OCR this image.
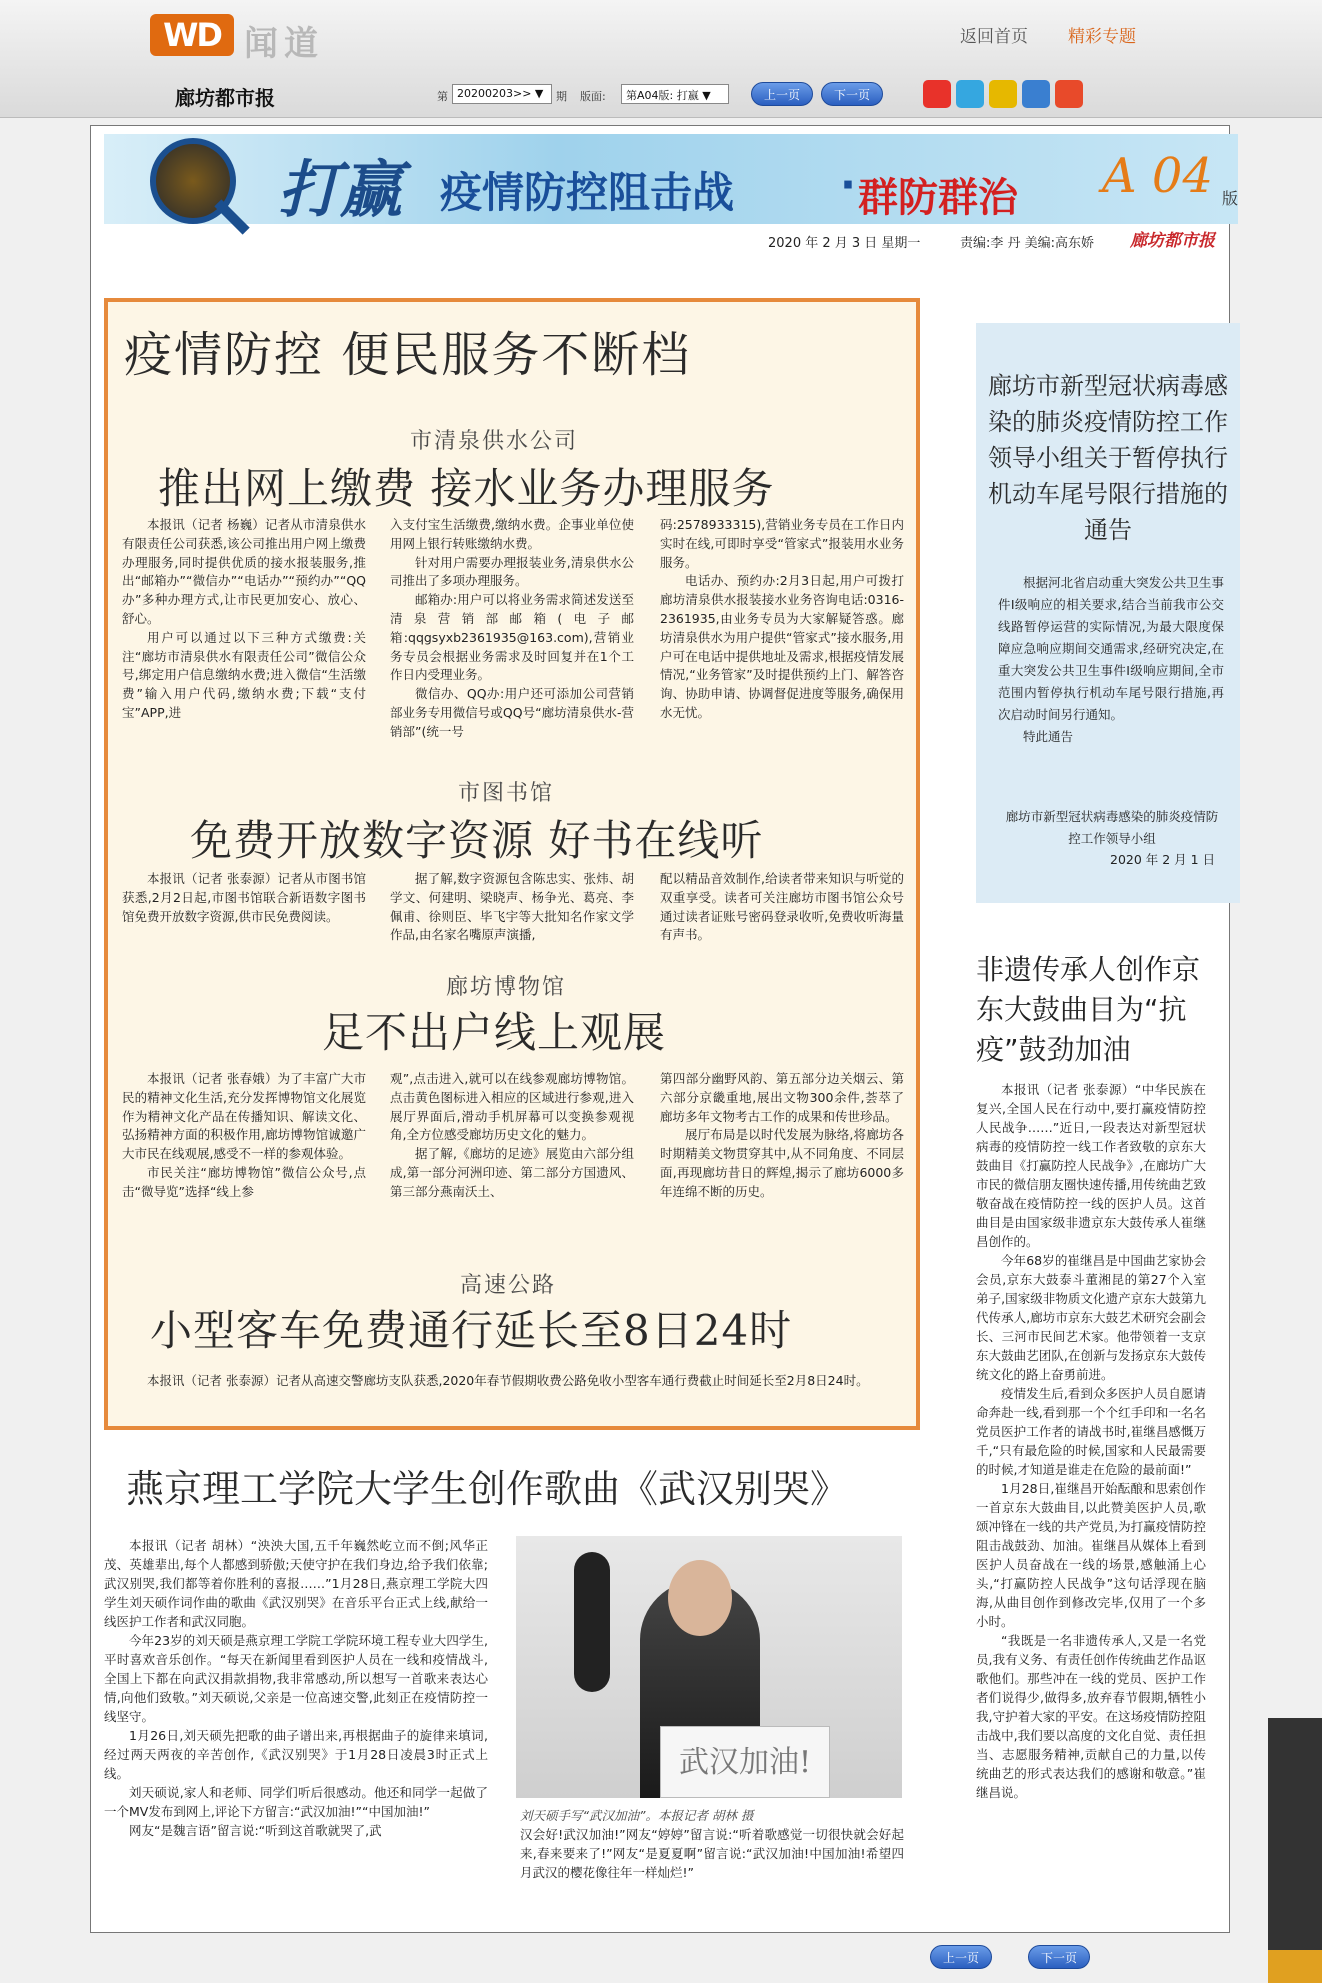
WD 闻道	返回首页 精彩专题
廊坊都市报	第 20200203>> ▼	期 版面:	第A04版: 打嬴 ▼	上一页	下一页
打赢 疫情防控阻击战	· 群防群治 A 04 版
2020 年 2 月 3 日 星期一	责编:李 丹 美编:高东娇 廊坊都市报
疫情防控 便民服务不断档
市清泉供水公司
推出网上缴费 接水业务办理服务

本报讯（记者 杨巍）记者从市清泉供水有限责任公司获悉,该公司推出用户网上缴费办理服务,同时提供优质的接水报装服务,推出“邮箱办”“微信办”“电话办”“预约办”“QQ办”多种办理方式,让市民更加安心、放心、舒心。

用户可以通过以下三种方式缴费:关注“廊坊市清泉供水有限责任公司”微信公众号,绑定用户信息缴纳水费;进入微信“生活缴费”输入用户代码,缴纳水费;下载“支付宝”APP,进

入支付宝生活缴费,缴纳水费。企事业单位使用网上银行转账缴纳水费。

针对用户需要办理报装业务,清泉供水公司推出了多项办理服务。

邮箱办:用户可以将业务需求简述发送至清泉营销部邮箱(电子邮箱:qqgsyxb2361935@163.com),营销业务专员会根据业务需求及时回复并在1个工作日内受理业务。

微信办、QQ办:用户还可添加公司营销部业务专用微信号或QQ号“廊坊清泉供水-营销部”(统一号

码:2578933315),营销业务专员在工作日内实时在线,可即时享受“管家式”报装用水业务服务。

电话办、预约办:2月3日起,用户可拨打廊坊清泉供水报装接水业务咨询电话:0316-2361935,由业务专员为大家解疑答惑。廊坊清泉供水为用户提供“管家式”接水服务,用户可在电话中提供地址及需求,根据疫情发展情况,“业务管家”及时提供预约上门、解答咨询、协助申请、协调督促进度等服务,确保用水无忧。

市图书馆
免费开放数字资源 好书在线听

本报讯（记者 张泰源）记者从市图书馆获悉,2月2日起,市图书馆联合新语数字图书馆免费开放数字资源,供市民免费阅读。

据了解,数字资源包含陈忠实、张炜、胡学文、何建明、梁晓声、杨争光、葛亮、李佩甫、徐则臣、毕飞宇等大批知名作家文学作品,由名家名嘴原声演播,

配以精品音效制作,给读者带来知识与听觉的双重享受。读者可关注廊坊市图书馆公众号通过读者证账号密码登录收听,免费收听海量有声书。

廊坊博物馆
足不出户线上观展

本报讯（记者 张春娥）为了丰富广大市民的精神文化生活,充分发挥博物馆文化展览作为精神文化产品在传播知识、解读文化、弘扬精神方面的积极作用,廊坊博物馆诚邀广大市民在线观展,感受不一样的参观体验。

市民关注“廊坊博物馆”微信公众号,点击“微导览”选择“线上参

观”,点击进入,就可以在线参观廊坊博物馆。点击黄色图标进入相应的区域进行参观,进入展厅界面后,滑动手机屏幕可以变换参观视角,全方位感受廊坊历史文化的魅力。

据了解,《廊坊的足迹》展览由六部分组成,第一部分河洲印迹、第二部分方国遗风、第三部分燕南沃土、

第四部分幽野风韵、第五部分边关烟云、第六部分京畿重地,展出文物300余件,荟萃了廊坊多年文物考古工作的成果和传世珍品。

展厅布局是以时代发展为脉络,将廊坊各时期精美文物贯穿其中,从不同角度、不同层面,再现廊坊昔日的辉煌,揭示了廊坊6000多年连绵不断的历史。

高速公路
小型客车免费通行延长至8日24时

本报讯（记者 张泰源）记者从高速交警廊坊支队获悉,2020年春节假期收费公路免收小型客车通行费截止时间延长至2月8日24时。

廊坊市新型冠状病毒感染的肺炎疫情防控工作领导小组关于暂停执行机动车尾号限行措施的通告

根据河北省启动重大突发公共卫生事件Ⅰ级响应的相关要求,结合当前我市公交线路暂停运营的实际情况,为最大限度保障应急响应期间交通需求,经研究决定,在重大突发公共卫生事件Ⅰ级响应期间,全市范围内暂停执行机动车尾号限行措施,再次启动时间另行通知。

特此通告

廊坊市新型冠状病毒感染的肺炎疫情防控工作领导小组
2020 年 2 月 1 日
非遗传承人创作京东大鼓曲目为“抗疫”鼓劲加油

本报讯（记者 张泰源）“中华民族在复兴,全国人民在行动中,要打赢疫情防控人民战争……”近日,一段表达对新型冠状病毒的疫情防控一线工作者致敬的京东大鼓曲目《打赢防控人民战争》,在廊坊广大市民的微信朋友圈快速传播,用传统曲艺致敬奋战在疫情防控一线的医护人员。这首曲目是由国家级非遗京东大鼓传承人崔继昌创作的。

今年68岁的崔继昌是中国曲艺家协会会员,京东大鼓泰斗董湘昆的第27个入室弟子,国家级非物质文化遗产京东大鼓第九代传承人,廊坊市京东大鼓艺术研究会副会长、三河市民间艺术家。他带领着一支京东大鼓曲艺团队,在创新与发扬京东大鼓传统文化的路上奋勇前进。

疫情发生后,看到众多医护人员自愿请命奔赴一线,看到那一个个红手印和一名名党员医护工作者的请战书时,崔继昌感慨万千,“只有最危险的时候,国家和人民最需要的时候,才知道是谁走在危险的最前面!”

1月28日,崔继昌开始酝酿和思索创作一首京东大鼓曲目,以此赞美医护人员,歌颂冲锋在一线的共产党员,为打赢疫情防控阻击战鼓劲、加油。崔继昌从媒体上看到医护人员奋战在一线的场景,感触涌上心头,“打赢防控人民战争”这句话浮现在脑海,从曲目创作到修改完毕,仅用了一个多小时。

“我既是一名非遗传承人,又是一名党员,我有义务、有责任创作传统曲艺作品讴歌他们。那些冲在一线的党员、医护工作者们说得少,做得多,放弃春节假期,牺牲小我,守护着大家的平安。在这场疫情防控阻击战中,我们要以高度的文化自觉、责任担当、志愿服务精神,贡献自己的力量,以传统曲艺的形式表达我们的感谢和敬意。”崔继昌说。

燕京理工学院大学生创作歌曲《武汉别哭》

本报讯（记者 胡林）“泱泱大国,五千年巍然屹立而不倒;风华正茂、英雄辈出,每个人都感到骄傲;天使守护在我们身边,给予我们依靠;武汉别哭,我们都等着你胜利的喜报……”1月28日,燕京理工学院大四学生刘天硕作词作曲的歌曲《武汉别哭》在音乐平台正式上线,献给一线医护工作者和武汉同胞。

今年23岁的刘天硕是燕京理工学院工学院环境工程专业大四学生,平时喜欢音乐创作。“每天在新闻里看到医护人员在一线和疫情战斗,全国上下都在向武汉捐款捐物,我非常感动,所以想写一首歌来表达心情,向他们致敬。”刘天硕说,父亲是一位高速交警,此刻正在疫情防控一线坚守。

1月26日,刘天硕先把歌的曲子谱出来,再根据曲子的旋律来填词,经过两天两夜的辛苦创作,《武汉别哭》于1月28日凌晨3时正式上线。

刘天硕说,家人和老师、同学们听后很感动。他还和同学一起做了一个MV发布到网上,评论下方留言:“武汉加油!”“中国加油!”

网友“是魏言语”留言说:“听到这首歌就哭了,武

武汉加油!

刘天硕手写“武汉加油”。本报记者 胡林 摄

汉会好!武汉加油!”网友“婷婷”留言说:“听着歌感觉一切很快就会好起来,春来要来了!”网友“是夏夏啊”留言说:“武汉加油!中国加油!希望四月武汉的樱花像往年一样灿烂!”

上一页	下一页
